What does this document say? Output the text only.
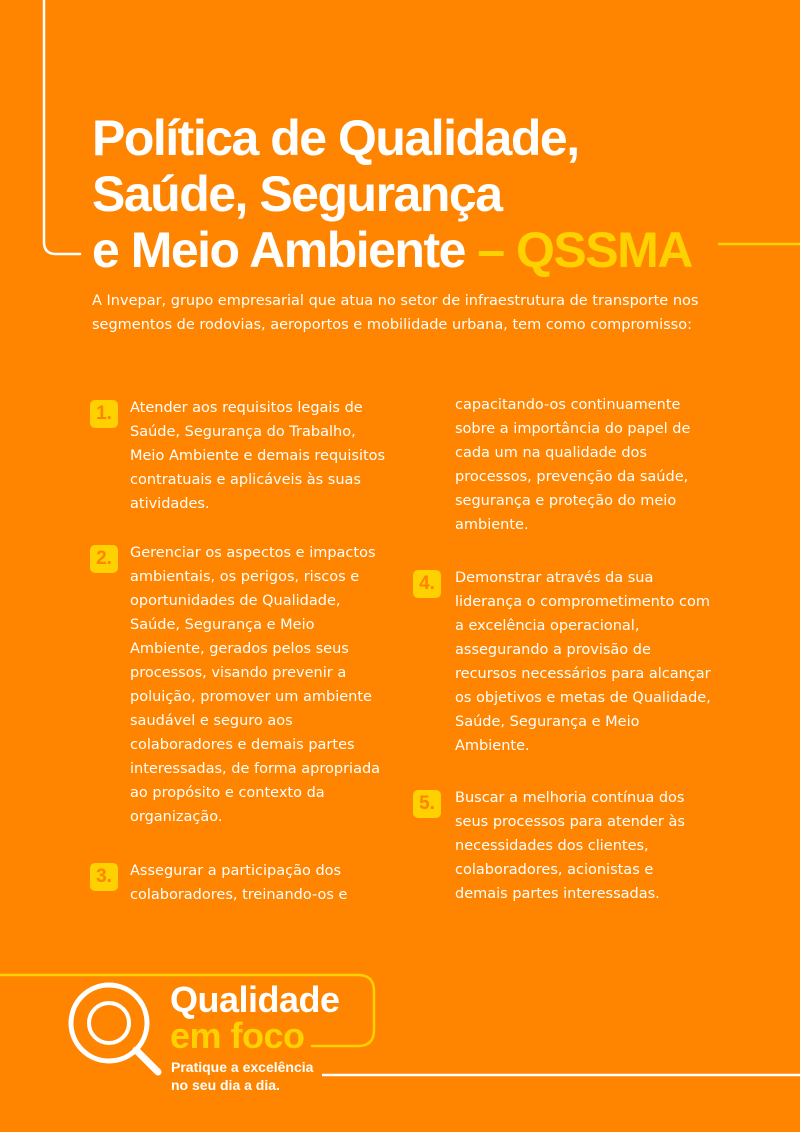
Política de Qualidade,
Saúde, Segurança
e Meio Ambiente – QSSMA

A Invepar, grupo empresarial que atua no setor de infraestrutura de transporte nos segmentos de rodovias, aeroportos e mobilidade urbana, tem como compromisso:

1.	Atender aos requisitos legais de Saúde, Segurança do Trabalho, Meio Ambiente e demais requisitos contratuais e aplicáveis às suas atividades.

2.	Gerenciar os aspectos e impactos ambientais, os perigos, riscos e oportunidades de Qualidade, Saúde, Segurança e Meio Ambiente, gerados pelos seus processos, visando prevenir a poluição, promover um ambiente saudável e seguro aos colaboradores e demais partes interessadas, de forma apropriada ao propósito e contexto da organização.

3.	Assegurar a participação dos colaboradores, treinando-os e

capacitando-os continuamente sobre a importância do papel de cada um na qualidade dos processos, prevenção da saúde, segurança e proteção do meio ambiente.

4.	Demonstrar através da sua liderança o comprometimento com a excelência operacional, assegurando a provisão de recursos necessários para alcançar os objetivos e metas de Qualidade, Saúde, Segurança e Meio Ambiente.

5.	Buscar a melhoria contínua dos seus processos para atender às necessidades dos clientes, colaboradores, acionistas e demais partes interessadas.

Qualidade

em foco

Pratique a excelência
no seu dia a dia.
